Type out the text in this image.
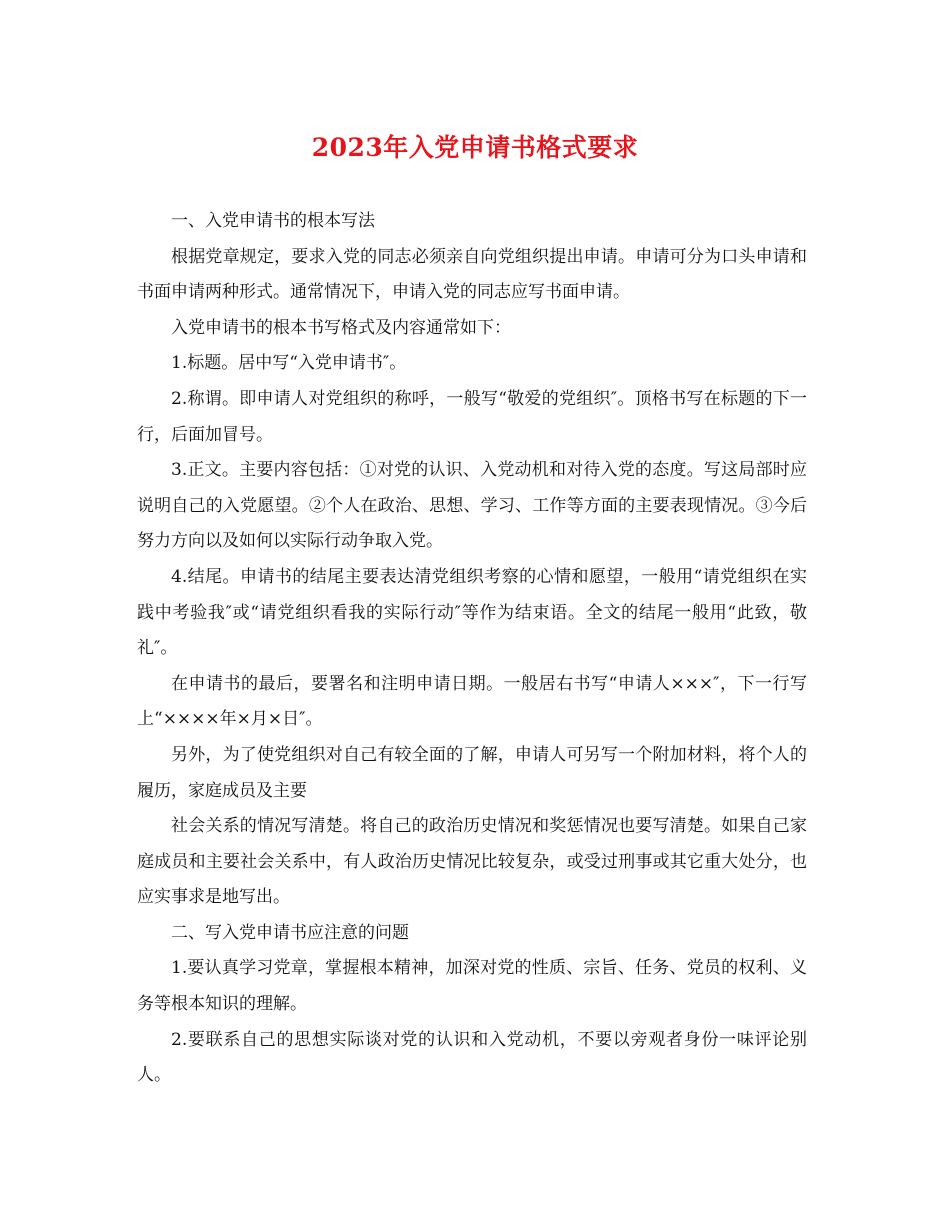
2023年入党申请书格式要求

一、入党申请书的根本写法

根据党章规定，要求入党的同志必须亲自向党组织提出申请。申请可分为口头申请和书面申请两种形式。通常情况下，申请入党的同志应写书面申请。

入党申请书的根本书写格式及内容通常如下：

1.标题。居中写“入党申请书″。

2.称谓。即申请人对党组织的称呼，一般写“敬爱的党组织″。顶格书写在标题的下一行，后面加冒号。

3.正文。主要内容包括：①对党的认识、入党动机和对待入党的态度。写这局部时应说明自己的入党愿望。②个人在政治、思想、学习、工作等方面的主要表现情况。③今后努力方向以及如何以实际行动争取入党。

4.结尾。申请书的结尾主要表达清党组织考察的心情和愿望，一般用“请党组织在实践中考验我″或“请党组织看我的实际行动″等作为结束语。全文的结尾一般用“此致，敬礼″。

在申请书的最后，要署名和注明申请日期。一般居右书写“申请人×××″，下一行写上“××××年×月×日″。

另外，为了使党组织对自己有较全面的了解，申请人可另写一个附加材料，将个人的履历，家庭成员及主要

社会关系的情况写清楚。将自己的政治历史情况和奖惩情况也要写清楚。如果自己家庭成员和主要社会关系中，有人政治历史情况比较复杂，或受过刑事或其它重大处分，也应实事求是地写出。

二、写入党申请书应注意的问题

1.要认真学习党章，掌握根本精神，加深对党的性质、宗旨、任务、党员的权利、义务等根本知识的理解。

2.要联系自己的思想实际谈对党的认识和入党动机，不要以旁观者身份一味评论别人。
